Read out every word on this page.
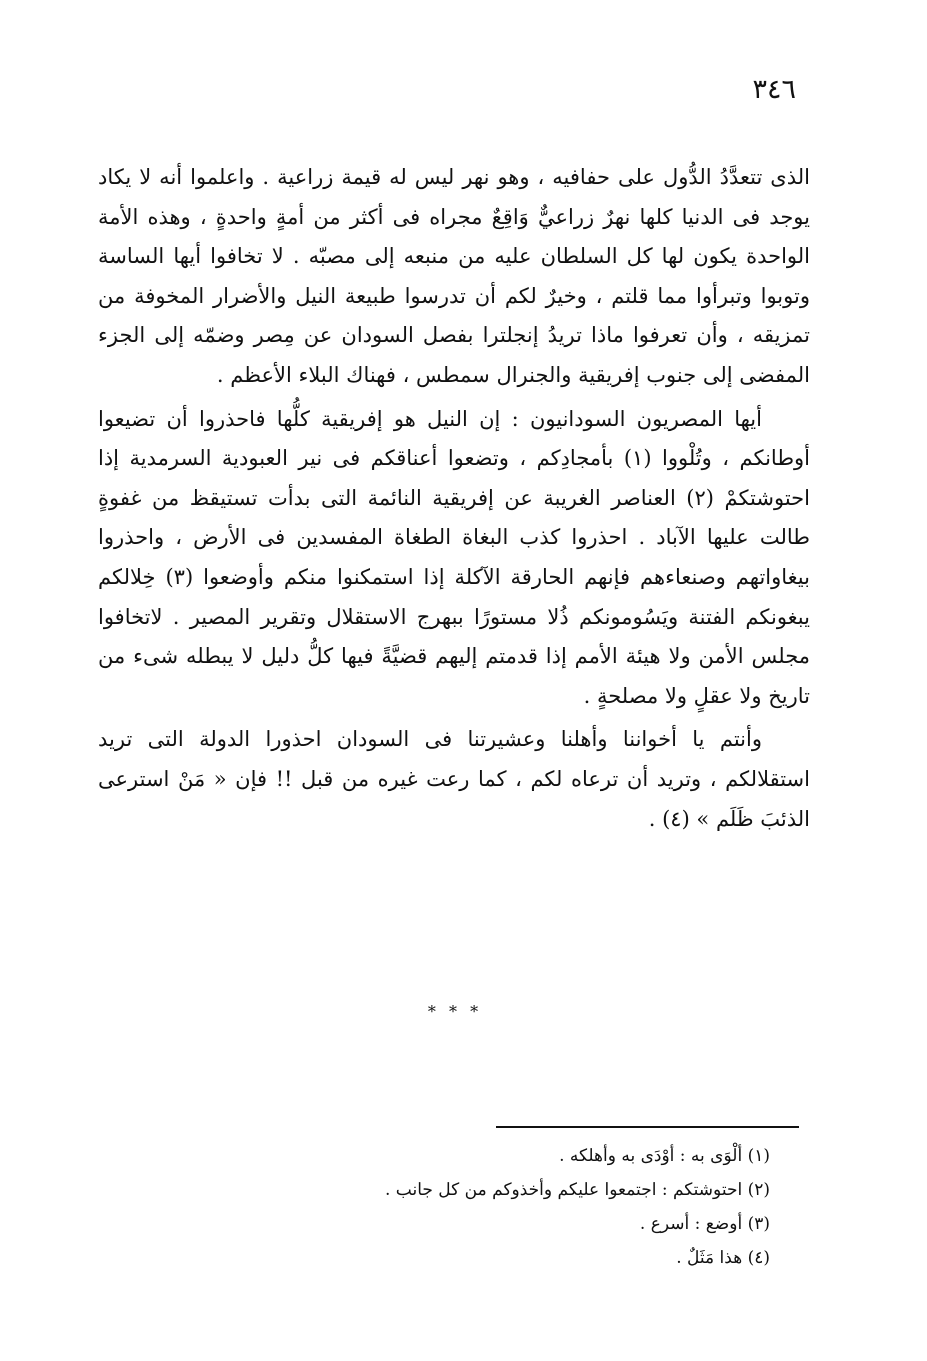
٣٤٦

الذى تتعدَّدُ الدُّول على حفافيه ، وهو نهر ليس له قيمة زراعية . واعلموا أنه لا يكاد يوجد فى الدنيا كلها نهرٌ زراعيٌّ وَاقِعٌ مجراه فى أكثر من أمةٍ واحدةٍ ، وهذه الأمة الواحدة يكون لها كل السلطان عليه من منبعه إلى مصبّه . لا تخافوا أيها الساسة وتوبوا وتبرأوا مما قلتم ، وخيرٌ لكم أن تدرسوا طبيعة النيل والأضرار المخوفة من تمزيقه ، وأن تعرفوا ماذا تريدُ إنجلترا بفصل السودان عن مِصر وضمّه إلى الجزء المفضى إلى جنوب إفريقية والجنرال سمطس ، فهناك البلاء الأعظم .

أيها المصريون السودانيون : إن النيل هو إفريقية كلُّها فاحذروا أن تضيعوا أوطانكم ، وتُلْووا (١) بأمجادِكم ، وتضعوا أعناقكم فى نير العبودية السرمدية إذا احتوشتكمْ (٢) العناصر الغريبة عن إفريقية النائمة التى بدأت تستيقظ من غفوةٍ طالت عليها الآباد . احذروا كذب البغاة الطغاة المفسدين فى الأرض ، واحذروا بيغاواتهم وصنعاءهم فإنهم الحارقة الآكلة إذا استمكنوا منكم وأوضعوا (٣) خِلالكم يبغونكم الفتنة ويَسُومونكم ذُلا مستورًا ببهرج الاستقلال وتقرير المصير . لاتخافوا مجلس الأمن ولا هيئة الأمم إذا قدمتم إليهم قضيَّةً فيها كلُّ دليل لا يبطله شىء من تاريخ ولا عقلٍ ولا مصلحةٍ .

وأنتم يا أخواننا وأهلنا وعشيرتنا فى السودان احذورا الدولة التى تريد استقلالكم ، وتريد أن ترعاه لكم ، كما رعت غيره من قبل !! فإن « مَنْ استرعى الذئبَ ظَلَم » (٤) .

* * *
(١) ألْوَى به : أوْدَى به وأهلكه .
(٢) احتوشتكم : اجتمعوا عليكم وأخذوكم من كل جانب .
(٣) أوضع : أسرع .
(٤) هذا مَثَلٌ .
